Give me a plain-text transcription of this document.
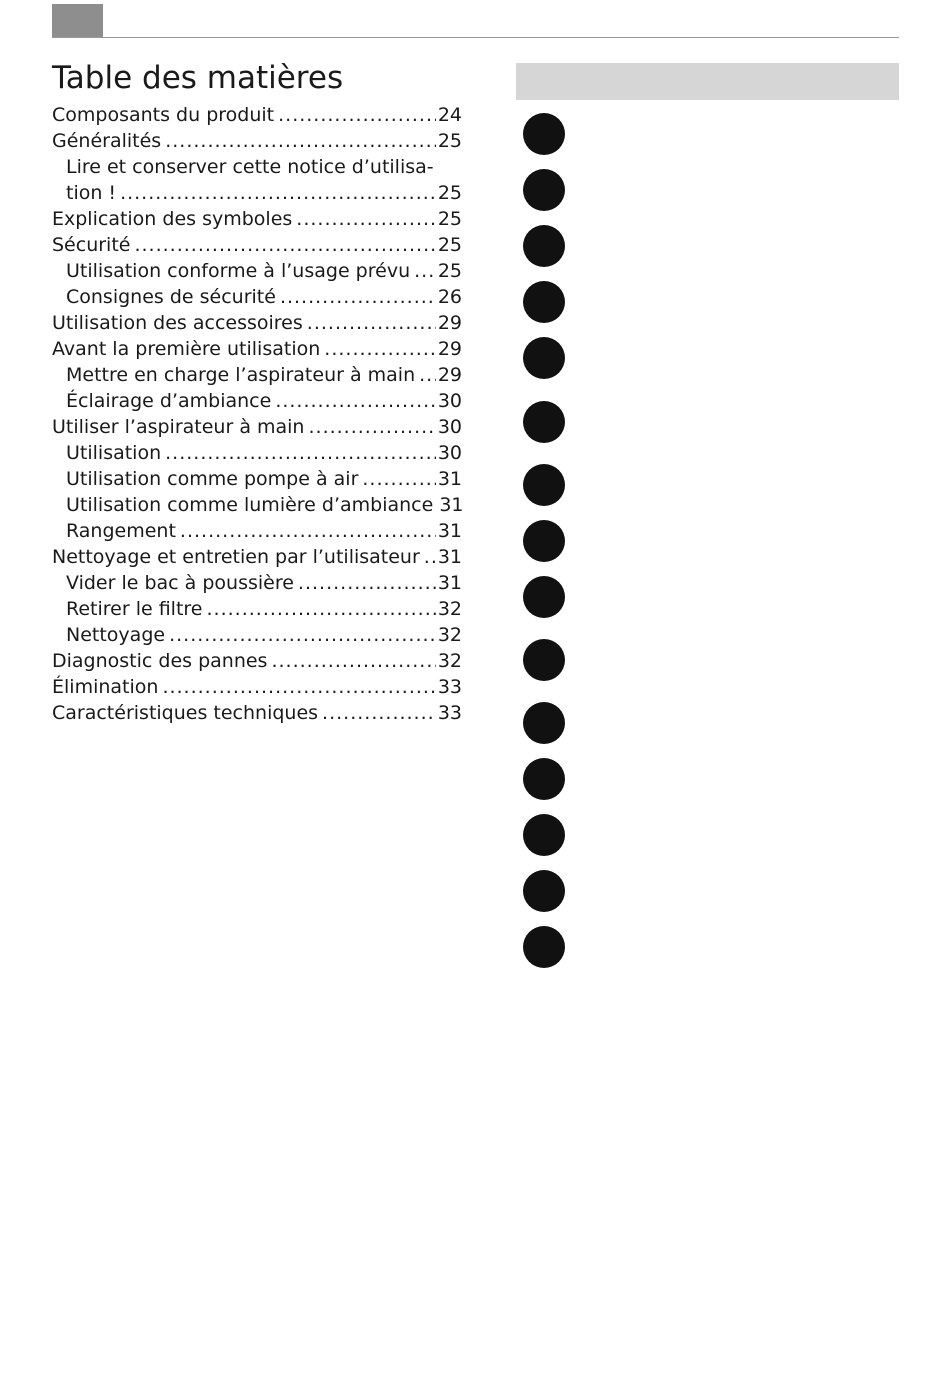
Table des matières
Composants du produit .....	24
Généralités .....	25
Lire et conserver cette notice d’utilisa-
tion ! .....	25
Explication des symboles .....	25
Sécurité .....	25
Utilisation conforme à l’usage prévu ..... 25
Consignes de sécurité .....	26
Utilisation des accessoires .....	29
Avant la première utilisation .....	29
Mettre en charge l’aspirateur à main ..... 29
Éclairage d’ambiance .....	30
Utiliser l’aspirateur à main .....	30
Utilisation .....	30
Utilisation comme pompe à air .....	31
Utilisation comme lumière d’ambiance 31
Rangement .....	31
Nettoyage et entretien par l’utilisateur ..... 31
Vider le bac à poussière .....	31
Retirer le filtre .....	32
Nettoyage .....	32
Diagnostic des pannes .....	32
Élimination .....	33
Caractéristiques techniques .....	33
